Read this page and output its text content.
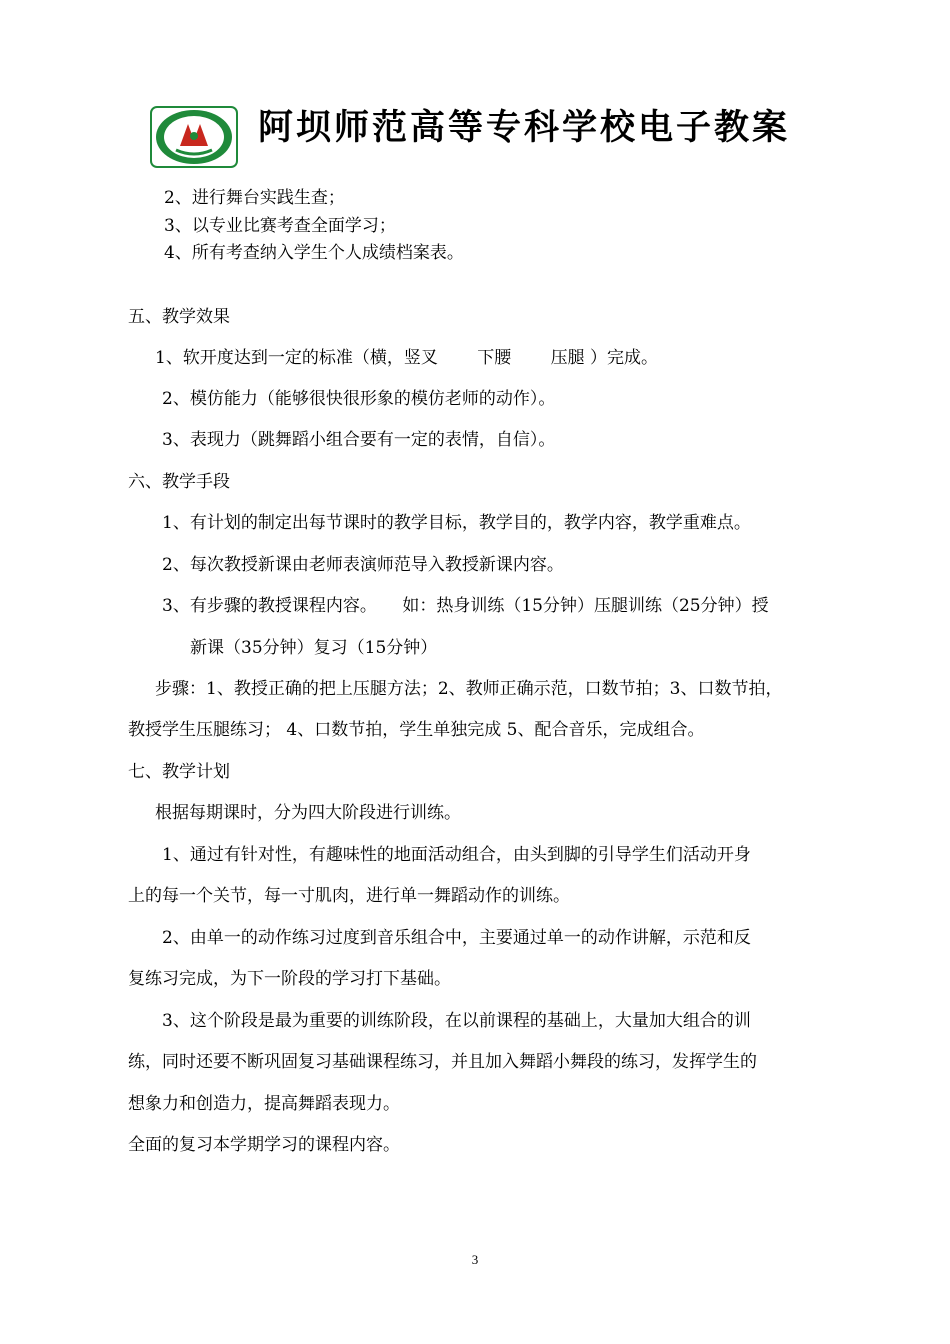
阿坝师范高等专科学校电子教案
2、进行舞台实践生查；
3、以专业比赛考查全面学习；
4、所有考查纳入学生个人成绩档案表。
五、教学效果
1、软开度达到一定的标准（横，竖叉　　 下腰　　 压腿 ）完成。
2、模仿能力（能够很快很形象的模仿老师的动作）。
3、表现力（跳舞蹈小组合要有一定的表情，自信）。
六、教学手段
1、有计划的制定出每节课时的教学目标，教学目的，教学内容，教学重难点。
2、每次教授新课由老师表演师范导入教授新课内容。
3、有步骤的教授课程内容。　　如：热身训练（15分钟）压腿训练（25分钟）授
新课（35分钟）复习（15分钟）
步骤：1、教授正确的把上压腿方法；2、教师正确示范，口数节拍；3、口数节拍，
教授学生压腿练习； 4、口数节拍，学生单独完成 5、配合音乐，完成组合。
七、教学计划
根据每期课时，分为四大阶段进行训练。
1、通过有针对性，有趣味性的地面活动组合，由头到脚的引导学生们活动开身
上的每一个关节，每一寸肌肉，进行单一舞蹈动作的训练。
2、由单一的动作练习过度到音乐组合中，主要通过单一的动作讲解，示范和反
复练习完成，为下一阶段的学习打下基础。
3、这个阶段是最为重要的训练阶段，在以前课程的基础上，大量加大组合的训
练，同时还要不断巩固复习基础课程练习，并且加入舞蹈小舞段的练习，发挥学生的
想象力和创造力，提高舞蹈表现力。
全面的复习本学期学习的课程内容。
3
